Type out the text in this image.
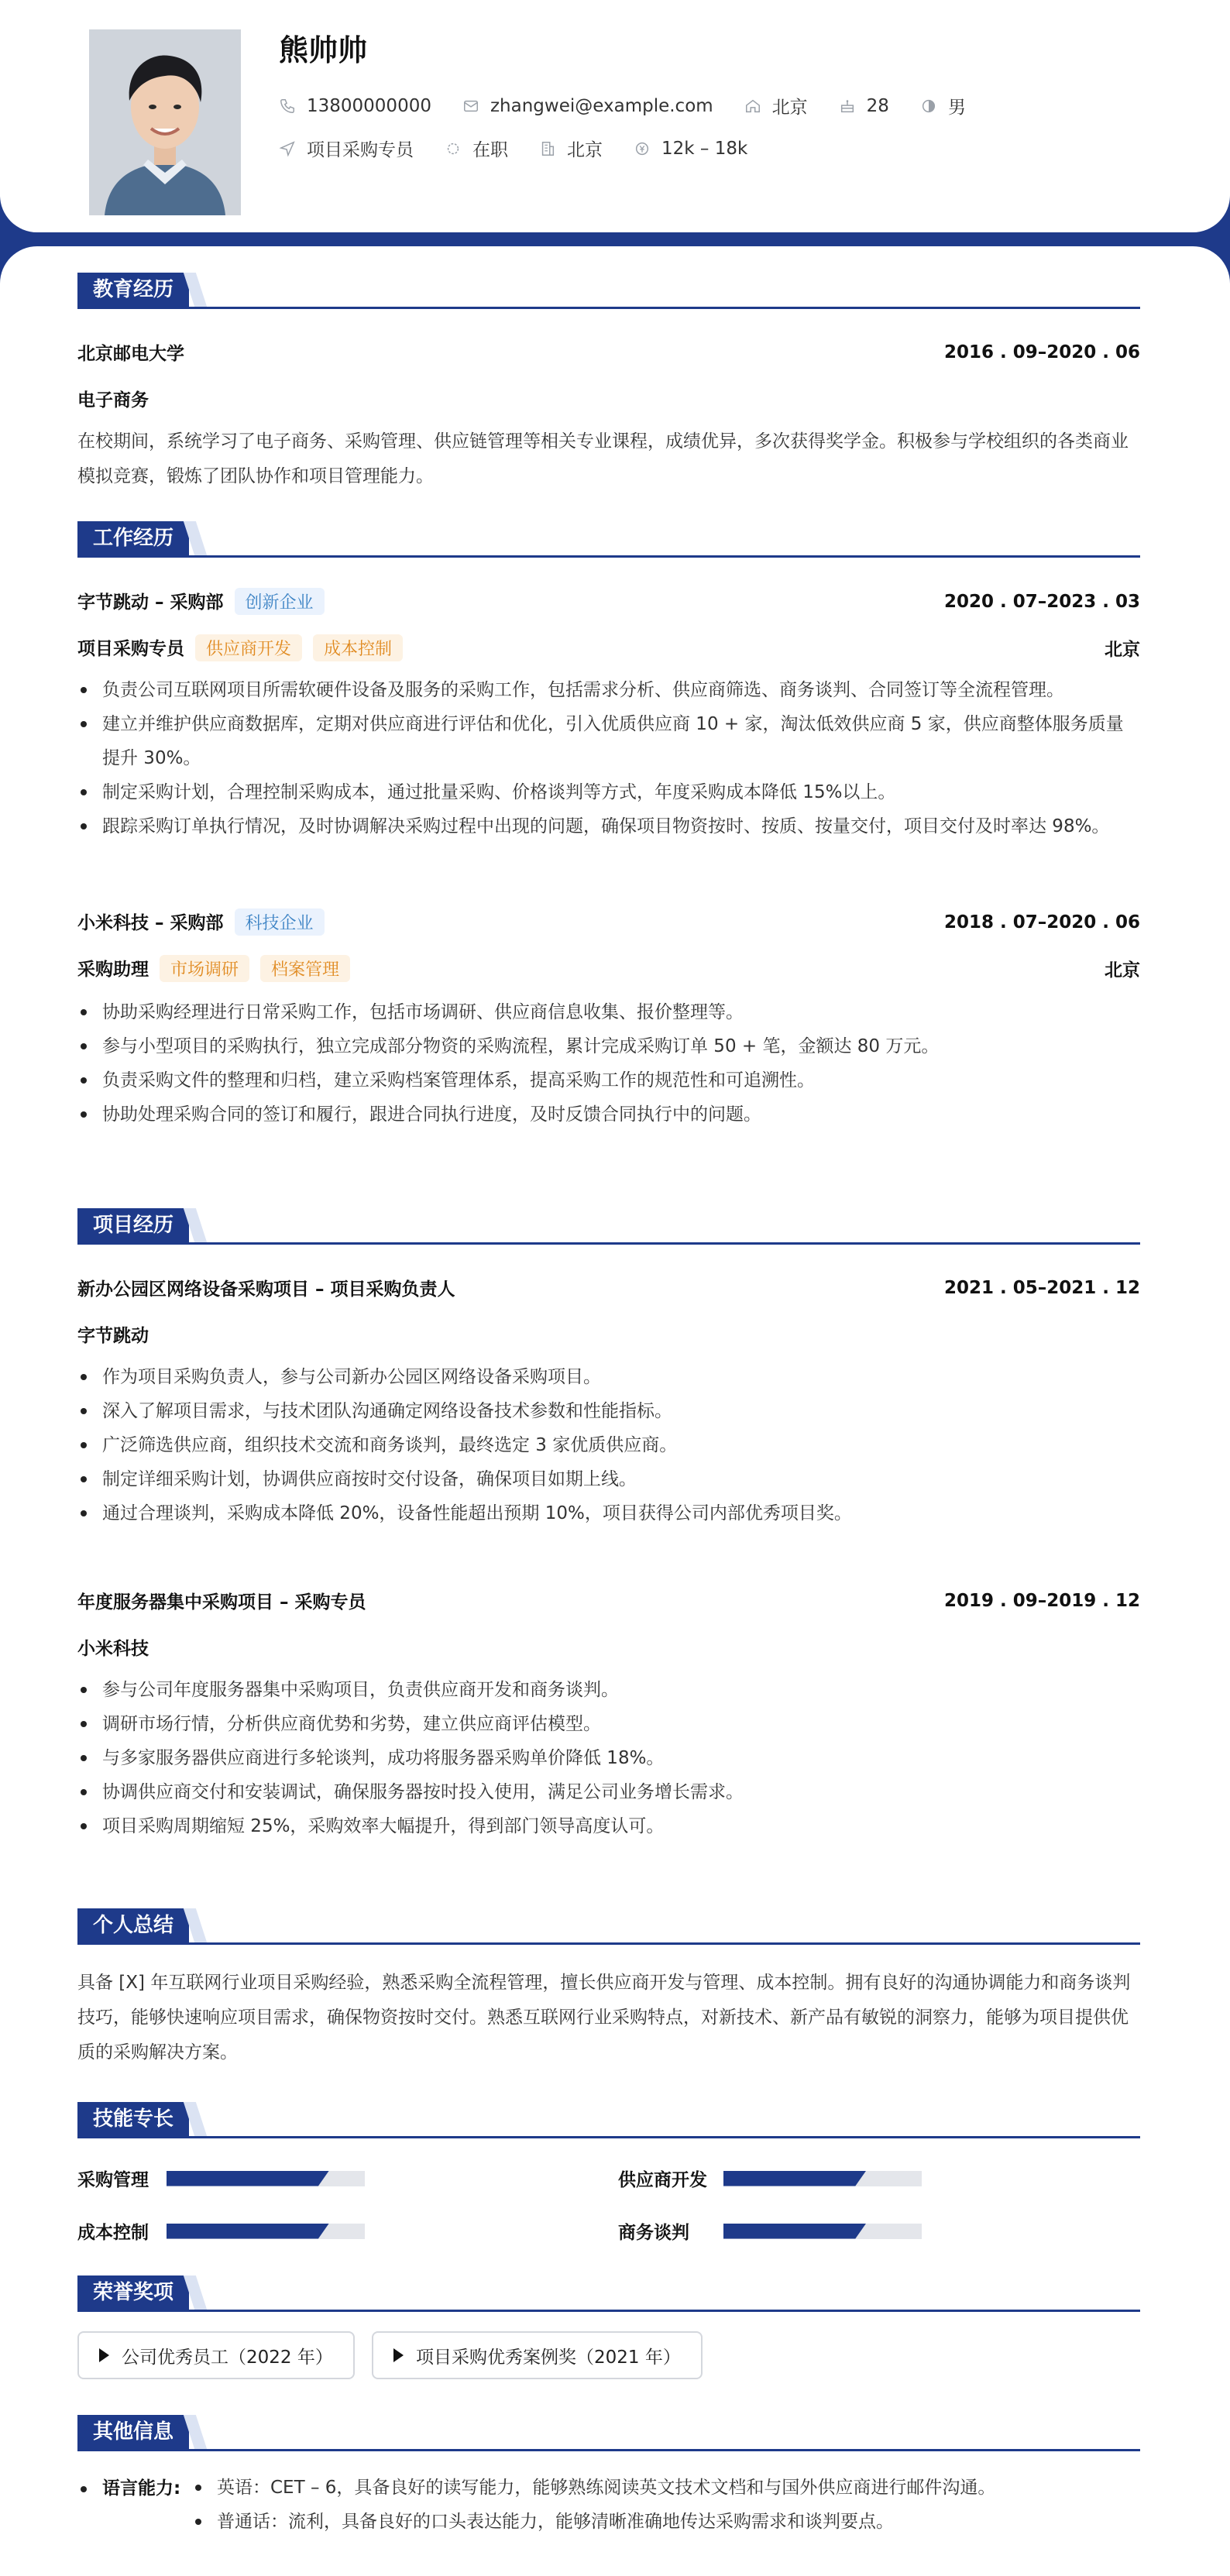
熊帅帅
13800000000	zhangwei@example.com	北京	28	男
项目采购专员	在职	北京	12k – 18k
教育经历
北京邮电大学	2016 . 09–2020 . 06
电子商务
在校期间，系统学习了电子商务、采购管理、供应链管理等相关专业课程，成绩优异，多次获得奖学金。积极参与学校组织的各类商业模拟竞赛，锻炼了团队协作和项目管理能力。
工作经历
字节跳动 – 采购部 创新企业	2020 . 07–2023 . 03
项目采购专员 供应商开发 成本控制	北京
负责公司互联网项目所需软硬件设备及服务的采购工作，包括需求分析、供应商筛选、商务谈判、合同签订等全流程管理。
建立并维护供应商数据库，定期对供应商进行评估和优化，引入优质供应商 10 + 家，淘汰低效供应商 5 家，供应商整体服务质量提升 30%。
制定采购计划，合理控制采购成本，通过批量采购、价格谈判等方式，年度采购成本降低 15%以上。
跟踪采购订单执行情况，及时协调解决采购过程中出现的问题，确保项目物资按时、按质、按量交付，项目交付及时率达 98%。
小米科技 – 采购部 科技企业	2018 . 07–2020 . 06
采购助理 市场调研 档案管理	北京
协助采购经理进行日常采购工作，包括市场调研、供应商信息收集、报价整理等。
参与小型项目的采购执行，独立完成部分物资的采购流程，累计完成采购订单 50 + 笔，金额达 80 万元。
负责采购文件的整理和归档，建立采购档案管理体系，提高采购工作的规范性和可追溯性。
协助处理采购合同的签订和履行，跟进合同执行进度，及时反馈合同执行中的问题。
项目经历
新办公园区网络设备采购项目 – 项目采购负责人	2021 . 05–2021 . 12
字节跳动
作为项目采购负责人，参与公司新办公园区网络设备采购项目。
深入了解项目需求，与技术团队沟通确定网络设备技术参数和性能指标。
广泛筛选供应商，组织技术交流和商务谈判，最终选定 3 家优质供应商。
制定详细采购计划，协调供应商按时交付设备，确保项目如期上线。
通过合理谈判，采购成本降低 20%，设备性能超出预期 10%，项目获得公司内部优秀项目奖。
年度服务器集中采购项目 – 采购专员	2019 . 09–2019 . 12
小米科技
参与公司年度服务器集中采购项目，负责供应商开发和商务谈判。
调研市场行情，分析供应商优势和劣势，建立供应商评估模型。
与多家服务器供应商进行多轮谈判，成功将服务器采购单价降低 18%。
协调供应商交付和安装调试，确保服务器按时投入使用，满足公司业务增长需求。
项目采购周期缩短 25%，采购效率大幅提升，得到部门领导高度认可。
个人总结
具备 [X] 年互联网行业项目采购经验，熟悉采购全流程管理，擅长供应商开发与管理、成本控制。拥有良好的沟通协调能力和商务谈判技巧，能够快速响应项目需求，确保物资按时交付。熟悉互联网行业采购特点，对新技术、新产品有敏锐的洞察力，能够为项目提供优质的采购解决方案。
技能专长
采购管理	供应商开发
成本控制	商务谈判
荣誉奖项
公司优秀员工（2022 年）	项目采购优秀案例奖（2021 年）
其他信息
语言能力:	英语：CET – 6，具备良好的读写能力，能够熟练阅读英文技术文档和与国外供应商进行邮件沟通。
普通话：流利，具备良好的口头表达能力，能够清晰准确地传达采购需求和谈判要点。
